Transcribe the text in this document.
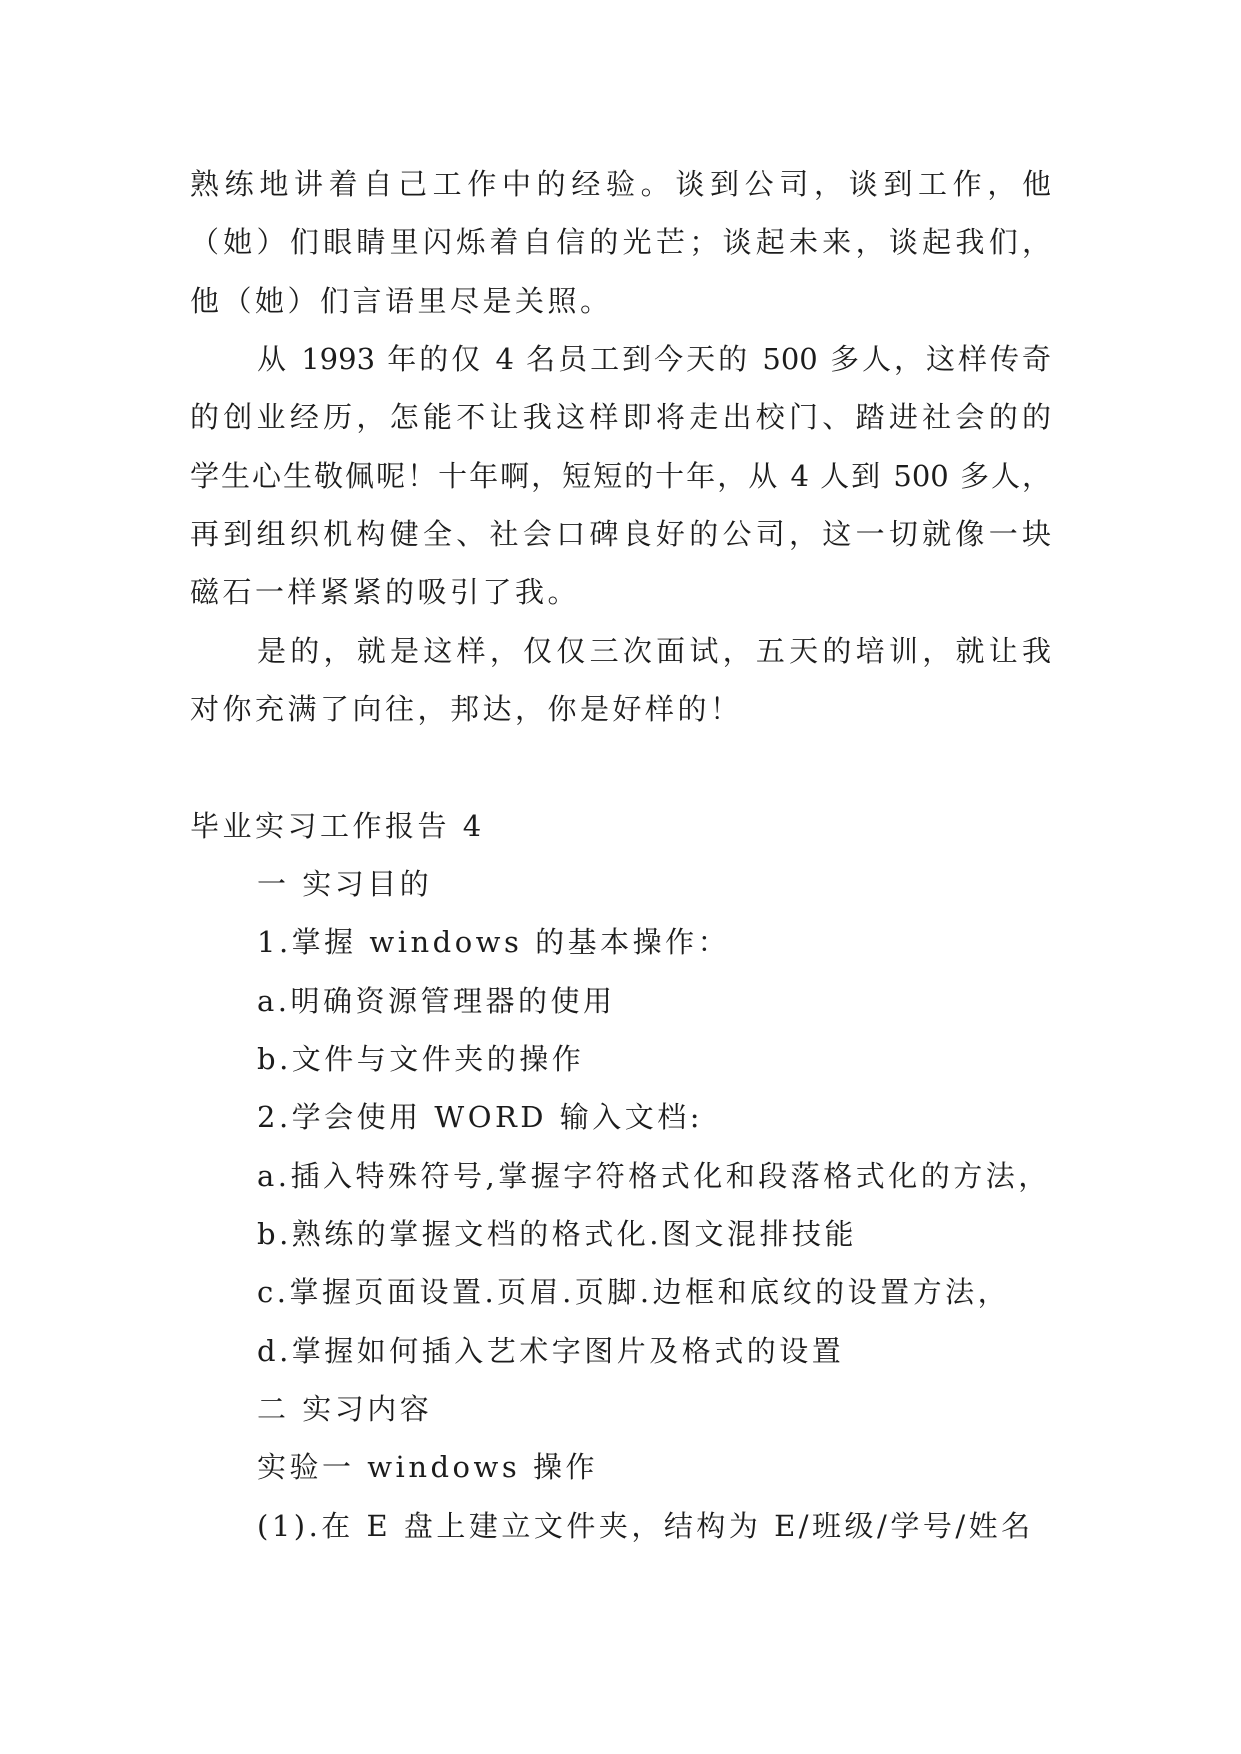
熟练地讲着自己工作中的经验。谈到公司，谈到工作，他
（她）们眼睛里闪烁着自信的光芒；谈起未来，谈起我们，
他（她）们言语里尽是关照。
从 1993 年的仅 4 名员工到今天的 500 多人，这样传奇
的创业经历，怎能不让我这样即将走出校门、踏进社会的的
学生心生敬佩呢！十年啊，短短的十年，从 4 人到 500 多人，
再到组织机构健全、社会口碑良好的公司，这一切就像一块
磁石一样紧紧的吸引了我。
是的，就是这样，仅仅三次面试，五天的培训，就让我
对你充满了向往，邦达，你是好样的！
毕业实习工作报告 4
一 实习目的
1.掌握 windows 的基本操作：
a.明确资源管理器的使用
b.文件与文件夹的操作
2.学会使用 WORD 输入文档:
a.插入特殊符号,掌握字符格式化和段落格式化的方法，
b.熟练的掌握文档的格式化.图文混排技能
c.掌握页面设置.页眉.页脚.边框和底纹的设置方法，
d.掌握如何插入艺术字图片及格式的设置
二 实习内容
实验一 windows 操作
(1).在 E 盘上建立文件夹，结构为 E/班级/学号/姓名
